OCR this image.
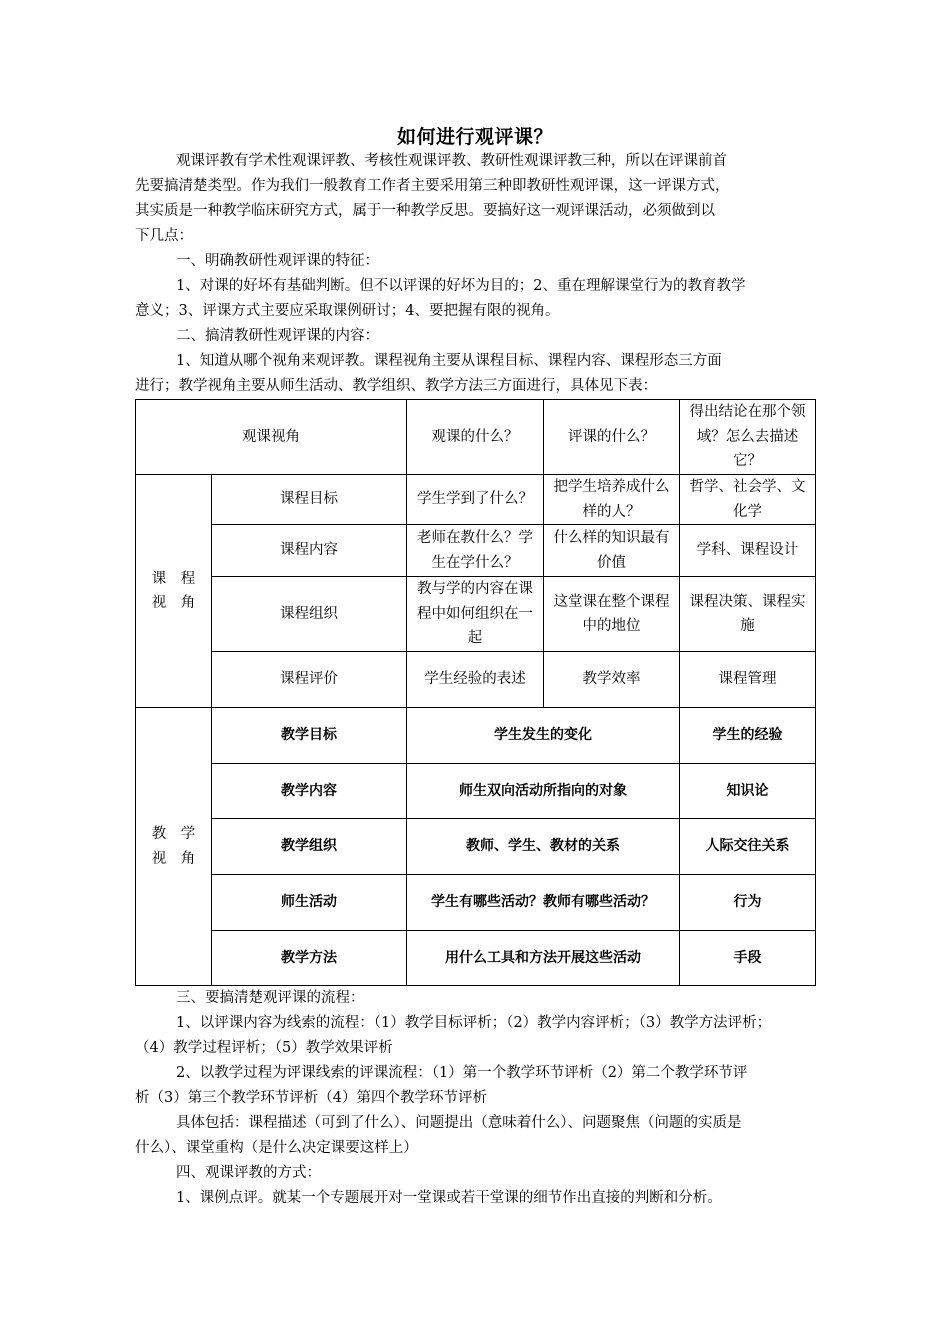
如何进行观评课？
观课评教有学术性观课评教、考核性观课评教、教研性观课评教三种，所以在评课前首
先要搞清楚类型。作为我们一般教育工作者主要采用第三种即教研性观评课，这一评课方式，
其实质是一种教学临床研究方式，属于一种教学反思。要搞好这一观评课活动，必须做到以
下几点：
一、明确教研性观评课的特征：
1、对课的好坏有基础判断。但不以评课的好坏为目的；2、重在理解课堂行为的教育教学
意义；3、评课方式主要应采取课例研讨；4、要把握有限的视角。
二、搞清教研性观评课的内容：
1、知道从哪个视角来观评教。课程视角主要从课程目标、课程内容、课程形态三方面
进行；教学视角主要从师生活动、教学组织、教学方法三方面进行，具体见下表：
观课视角		观课的什么？	评课的什么？	得出结论在那个领域？怎么去描述它？

课　程
视　角	课程目标	学生学到了什么？	把学生培养成什么样的人？	哲学、社会学、文化学
	课程内容	老师在教什么？学生在学什么？	什么样的知识最有价值	学科、课程设计
	课程组织	教与学的内容在课程中如何组织在一起	这堂课在整个课程中的地位	课程决策、课程实施
	课程评价	学生经验的表述	教学效率	课程管理

教　学
视　角	教学目标	学生发生的变化		学生的经验
	教学内容	师生双向活动所指向的对象		知识论
	教学组织	教师、学生、教材的关系		人际交往关系
	师生活动	学生有哪些活动？教师有哪些活动？		行为
	教学方法	用什么工具和方法开展这些活动		手段
三、要搞清楚观评课的流程：
1、以评课内容为线索的流程：（1）教学目标评析；（2）教学内容评析；（3）教学方法评析；
（4）教学过程评析；（5）教学效果评析
2、以教学过程为评课线索的评课流程：（1）第一个教学环节评析（2）第二个教学环节评
析（3）第三个教学环节评析（4）第四个教学环节评析
具体包括：课程描述（可到了什么）、问题提出（意味着什么）、问题聚焦（问题的实质是
什么）、课堂重构（是什么决定课要这样上）
四、观课评教的方式：
1、课例点评。就某一个专题展开对一堂课或若干堂课的细节作出直接的判断和分析。
